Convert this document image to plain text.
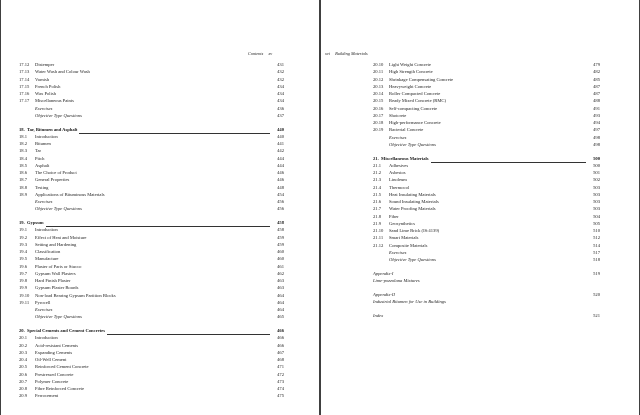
Contents xv
17.12 Distemper	431
17.13 Water Wash and Colour Wash	432
17.14 Varnish	432
17.15 French Polish	434
17.16 Wax Polish	434
17.17 Miscellaneous Paints	434
Exercises	436
Objective Type Questions	437
18. Tar, Bitumen and Asphalt	440
18.1 Introduction	440
18.2 Bitumen	441
18.3 Tar	442
18.4 Pitch	444
18.5 Asphalt	444
18.6 The Choice of Product	446
18.7 General Properties	446
18.8 Testing	448
18.9 Applications of Bituminous Materials	454
Exercises	456
Objective Type Questions	456
19. Gypsum	458
19.1 Introduction	458
19.2 Effect of Heat and Moisture	459
19.3 Setting and Hardening	459
19.4 Classification	460
19.5 Manufacture	460
19.6 Plaster of Paris or Stucco	461
19.7 Gypsum Wall Plasters	462
19.8 Hard Finish Plaster	463
19.9 Gypsum Plaster Boards	463
19.10 Non-load Bearing Gypsum Partition Blocks	464
19.11 Pyrocell	464
Exercises	464
Objective Type Questions	465
20. Special Cements and Cement Concretes	466
20.1 Introduction	466
20.2 Acid-resistant Cements	466
20.3 Expanding Cements	467
20.4 Oil-Well Cement	468
20.5 Reinforced Cement Concrete	471
20.6 Prestressed Concrete	472
20.7 Polymer Concrete	473
20.8 Fibre Reinforced Concrete	474
20.9 Ferrocement	475
xvi Building Materials
20.10 Light Weight Concrete	479
20.11 High Strength Concrete	482
20.12 Shrinkage Compensating Concrete	485
20.13 Heavyweight Concrete	487
20.14 Roller Compacted Concrete	487
20.15 Ready Mixed Concrete (RMC)	488
20.16 Self-compacting Concrete	491
20.17 Shotcrete	493
20.18 High-performance Concrete	494
20.19 Bacterial Concrete	497
Exercises	498
Objective Type Questions	498
21. Miscellaneous Materials	500
21.1 Adhesives	500
21.2 Asbestos	501
21.3 Linoleum	502
21.4 Thermocol	503
21.5 Heat Insulating Materials	503
21.6 Sound Insulating Materials	503
21.7 Water Proofing Materials	503
21.8 Fiber	504
21.9 Geosynthetics	505
21.10 Sand Lime Brick (IS:4139)	510
21.11 Smart Materials	512
21.12 Composite Materials	514
Exercises	517
Objective Type Questions	518
Appendix-I	519
Lime-pozzolana Mixtures
Appendix-II	520
Industrial Bitumen for Use in Buildings
Index	521
